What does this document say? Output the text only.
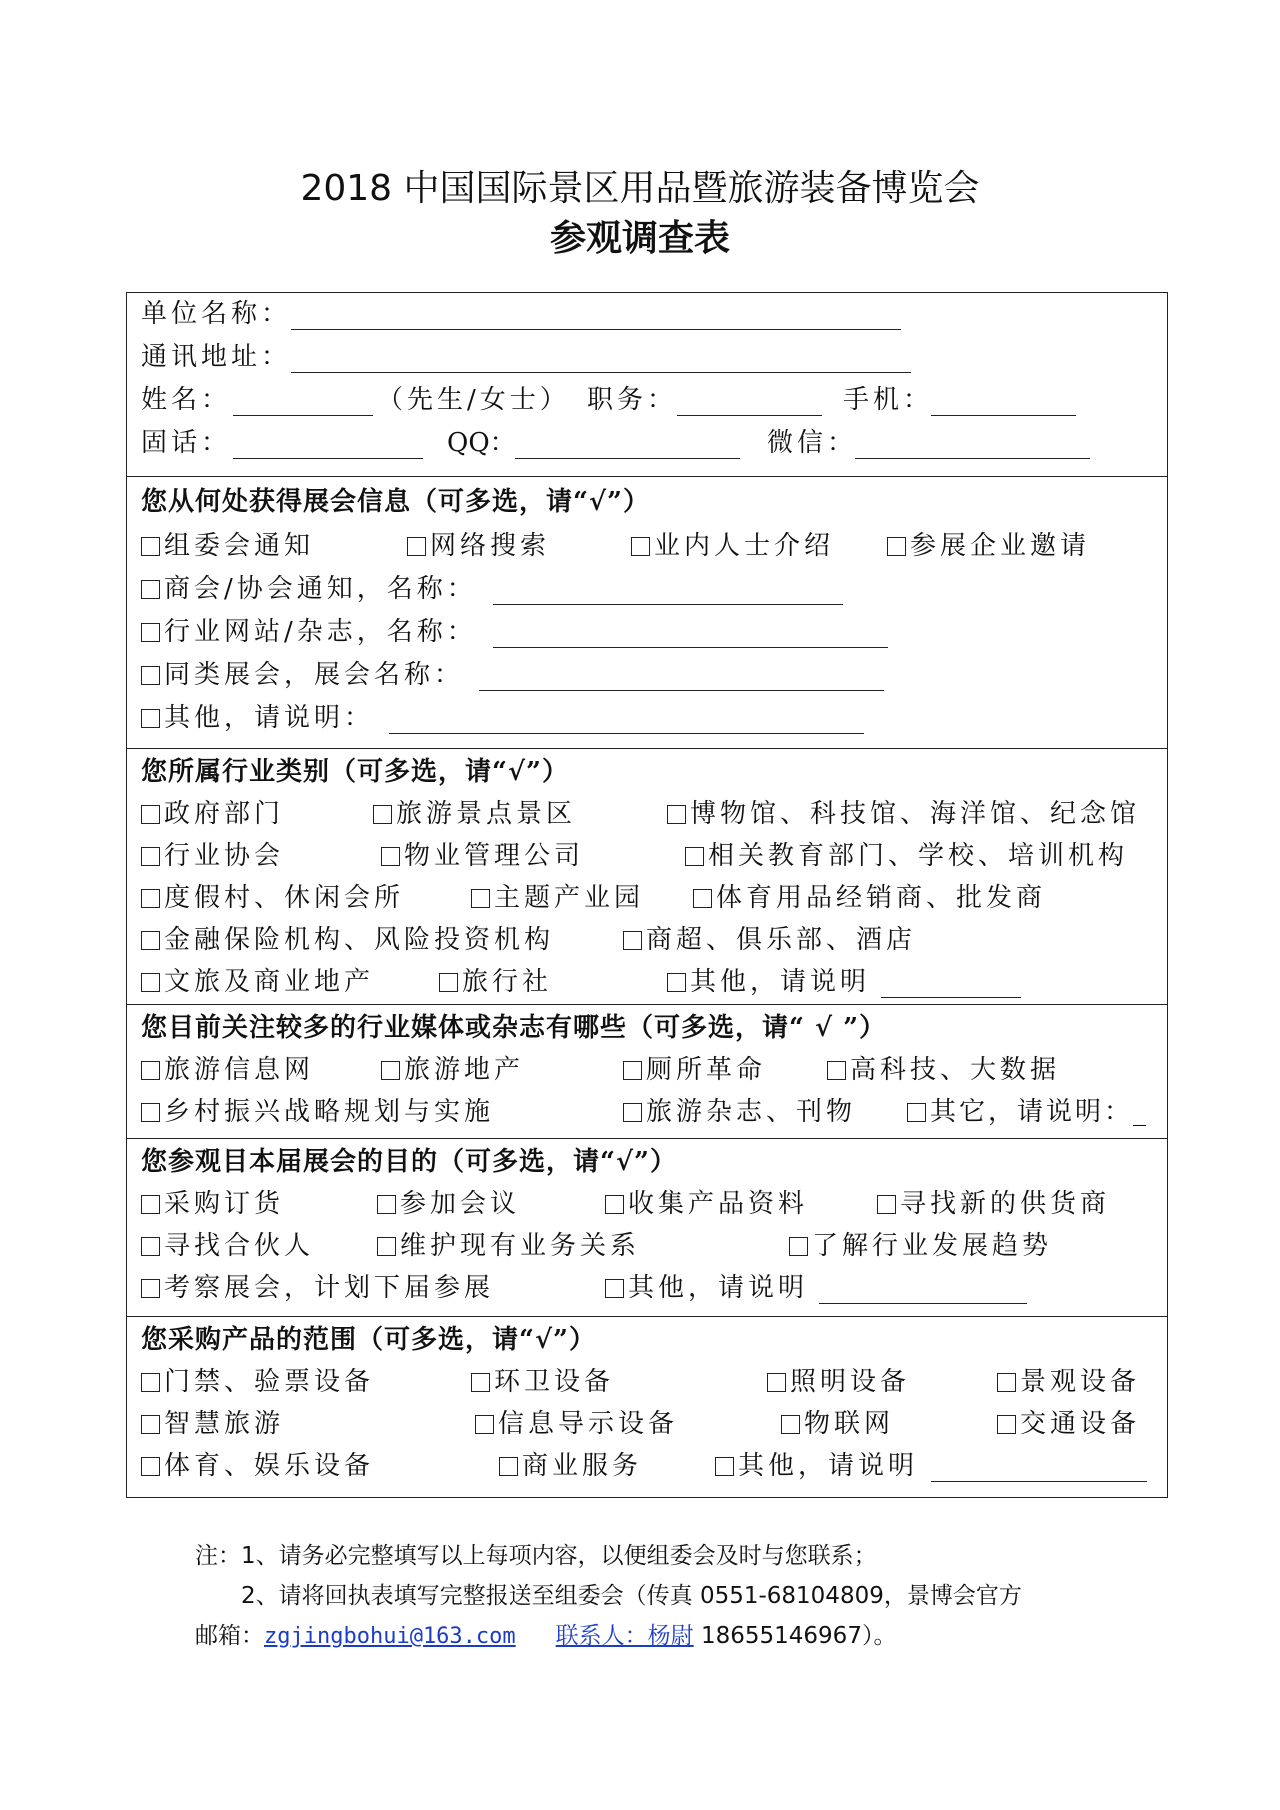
2018 中国国际景区用品暨旅游装备博览会
参观调查表
单位名称：
通讯地址：
姓名：	（先生/女士） 职务：	手机：
固话：	QQ：	微信：
您从何处获得展会信息（可多选，请“√”）
组委会通知	网络搜索	业内人士介绍	参展企业邀请
商会/协会通知，名称：
行业网站/杂志，名称：
同类展会，展会名称：
其他，请说明：
您所属行业类别（可多选，请“√”）
政府部门	旅游景点景区	博物馆、科技馆、海洋馆、纪念馆
行业协会	物业管理公司	相关教育部门、学校、培训机构
度假村、休闲会所	主题产业园	体育用品经销商、批发商
金融保险机构、风险投资机构	商超、俱乐部、酒店
文旅及商业地产	旅行社	其他，请说明
您目前关注较多的行业媒体或杂志有哪些（可多选，请“ √ ”）
旅游信息网	旅游地产	厕所革命	高科技、大数据
乡村振兴战略规划与实施	旅游杂志、刊物	其它，请说明：_
您参观目本届展会的目的（可多选，请“√”）
采购订货	参加会议	收集产品资料	寻找新的供货商
寻找合伙人	维护现有业务关系	了解行业发展趋势
考察展会，计划下届参展	其他，请说明
您采购产品的范围（可多选，请“√”）
门禁、验票设备	环卫设备	照明设备	景观设备
智慧旅游	信息导示设备	物联网	交通设备
体育、娱乐设备	商业服务	其他，请说明
注：1、请务必完整填写以上每项内容，以便组委会及时与您联系；
2、请将回执表填写完整报送至组委会（传真 0551-68104809，景博会官方
邮箱：zgjingbohui@163.com 联系人：杨尉 18655146967）。
